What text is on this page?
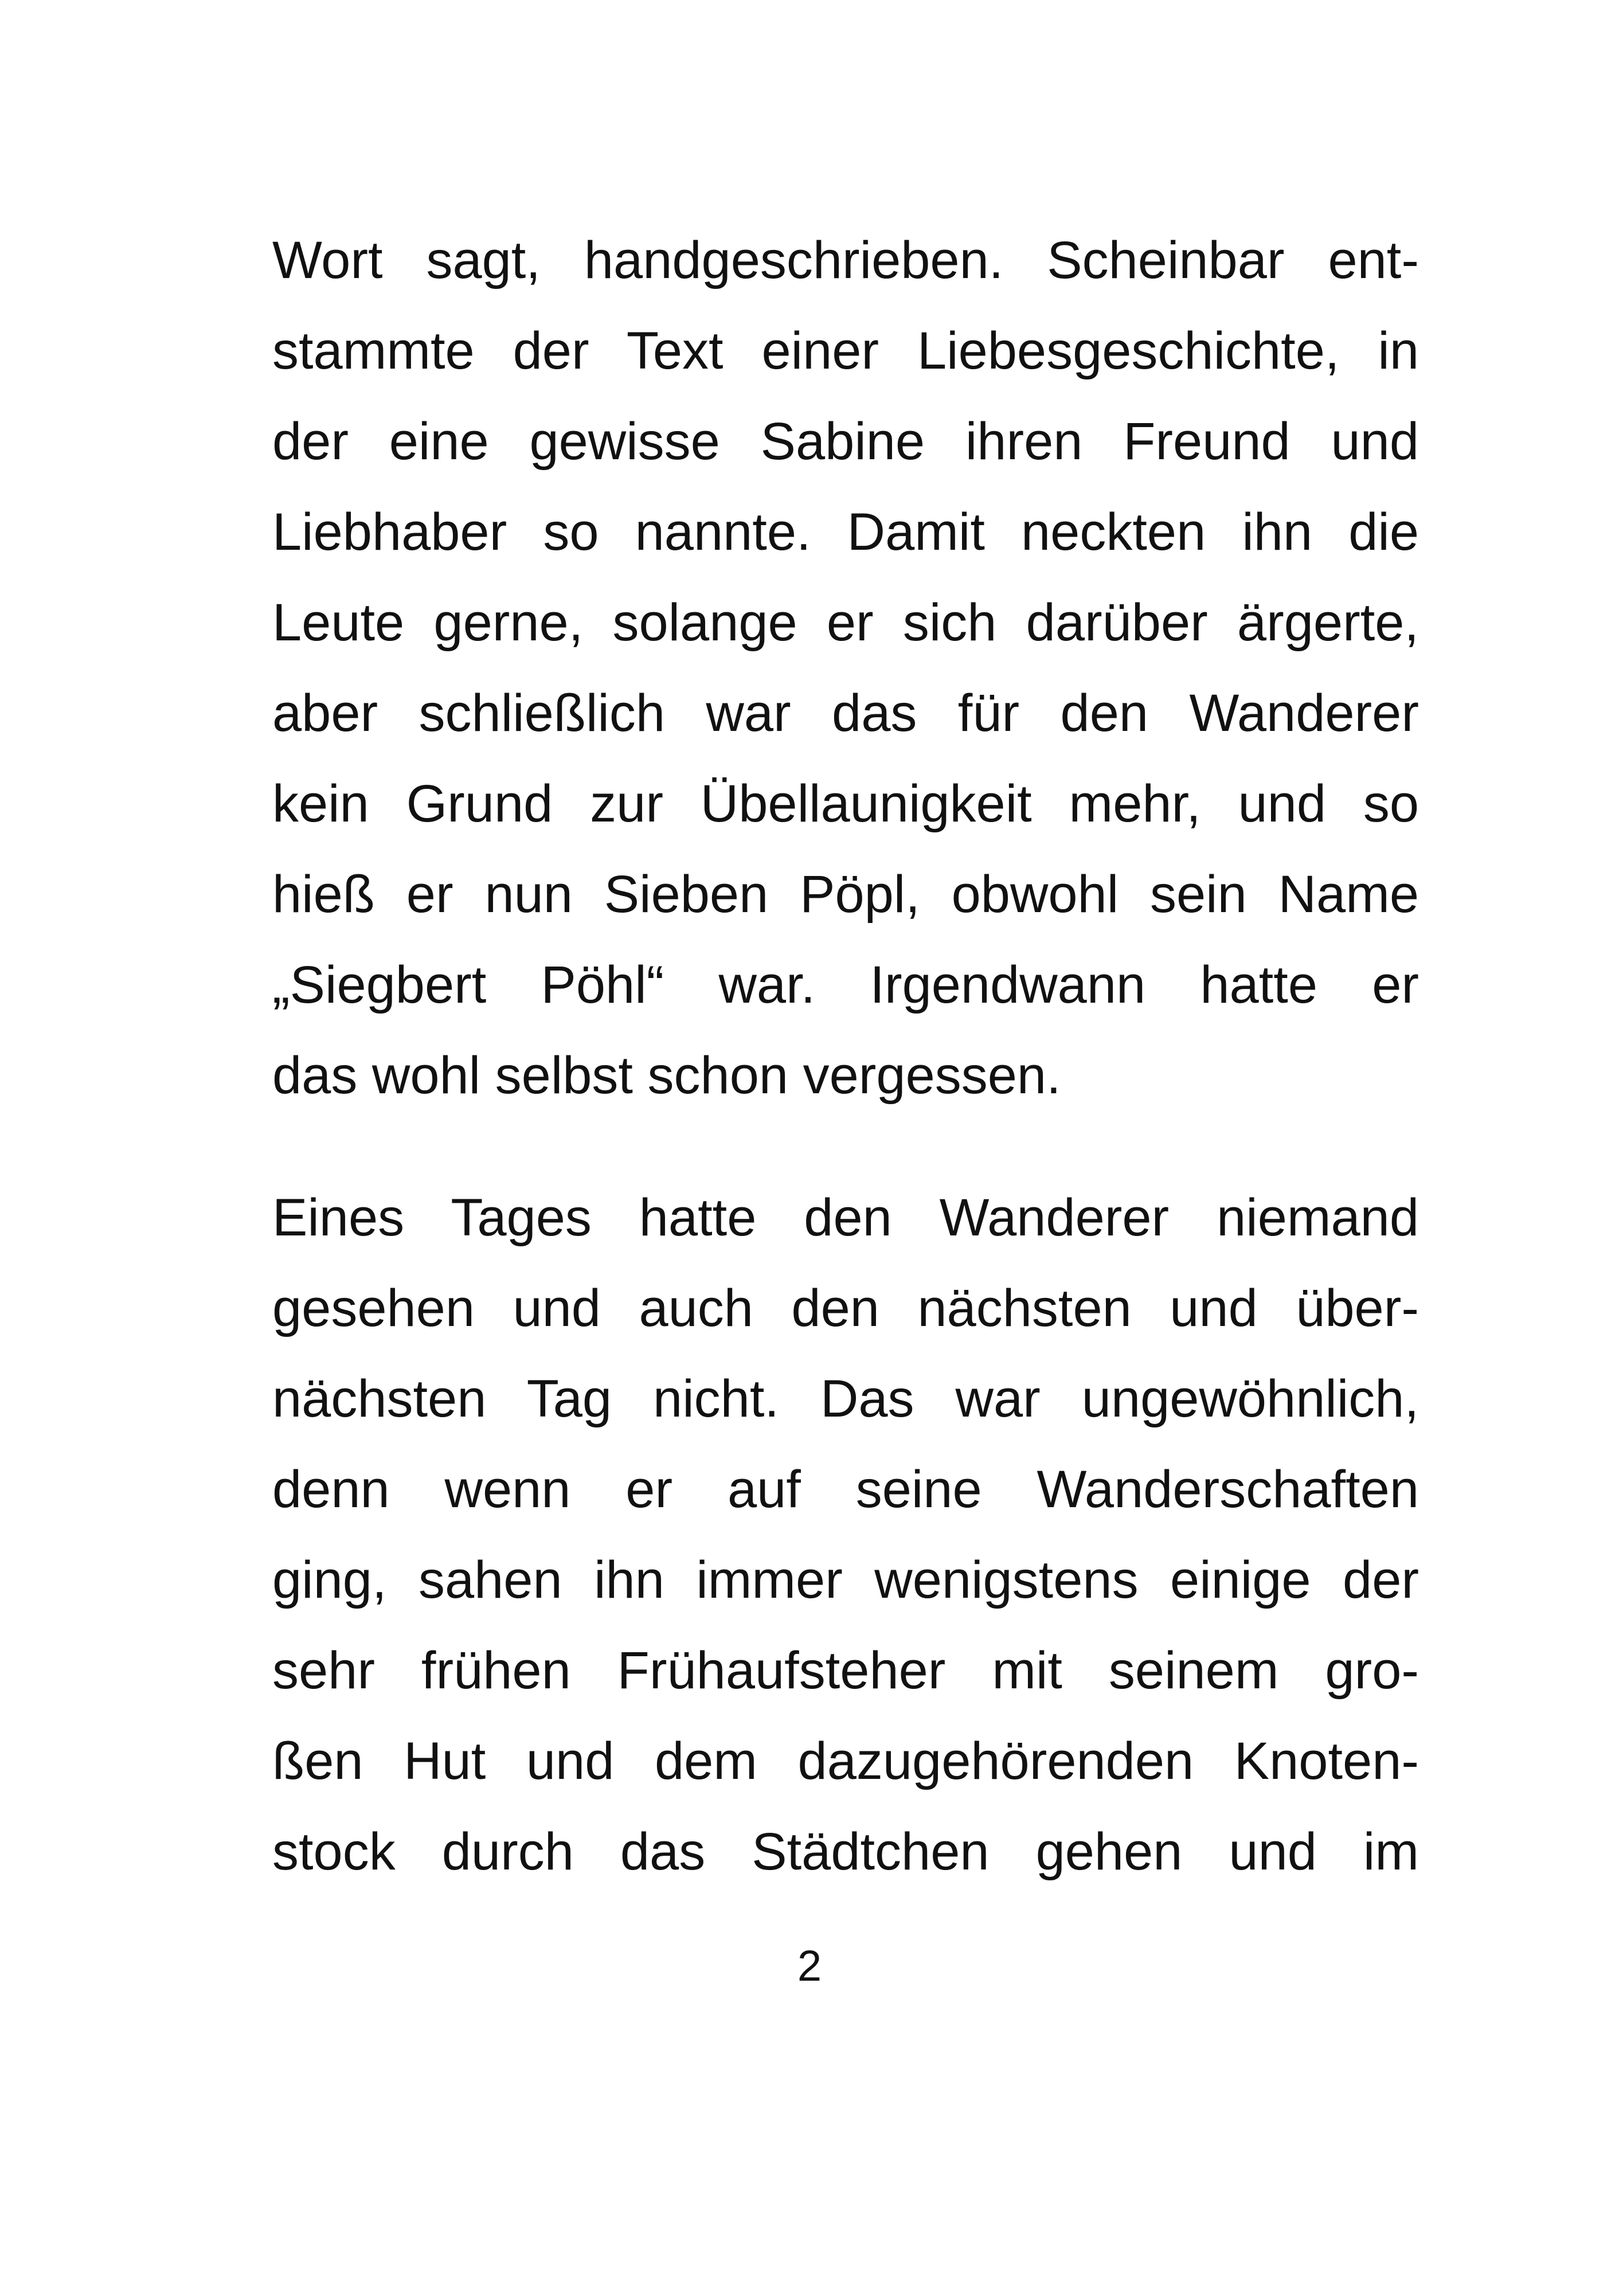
Wort sagt, handgeschrieben. Scheinbar ent-
stammte der Text einer Liebesgeschichte, in
der eine gewisse Sabine ihren Freund und
Liebhaber so nannte. Damit neckten ihn die
Leute gerne, solange er sich darüber ärgerte,
aber schließlich war das für den Wanderer
kein Grund zur Übellaunigkeit mehr, und so
hieß er nun Sieben Pöpl, obwohl sein Name
„Siegbert Pöhl“ war. Irgendwann hatte er
das wohl selbst schon vergessen.
Eines Tages hatte den Wanderer niemand
gesehen und auch den nächsten und über-
nächsten Tag nicht. Das war ungewöhnlich,
denn wenn er auf seine Wanderschaften
ging, sahen ihn immer wenigstens einige der
sehr frühen Frühaufsteher mit seinem gro-
ßen Hut und dem dazugehörenden Knoten-
stock durch das Städtchen gehen und im
2
